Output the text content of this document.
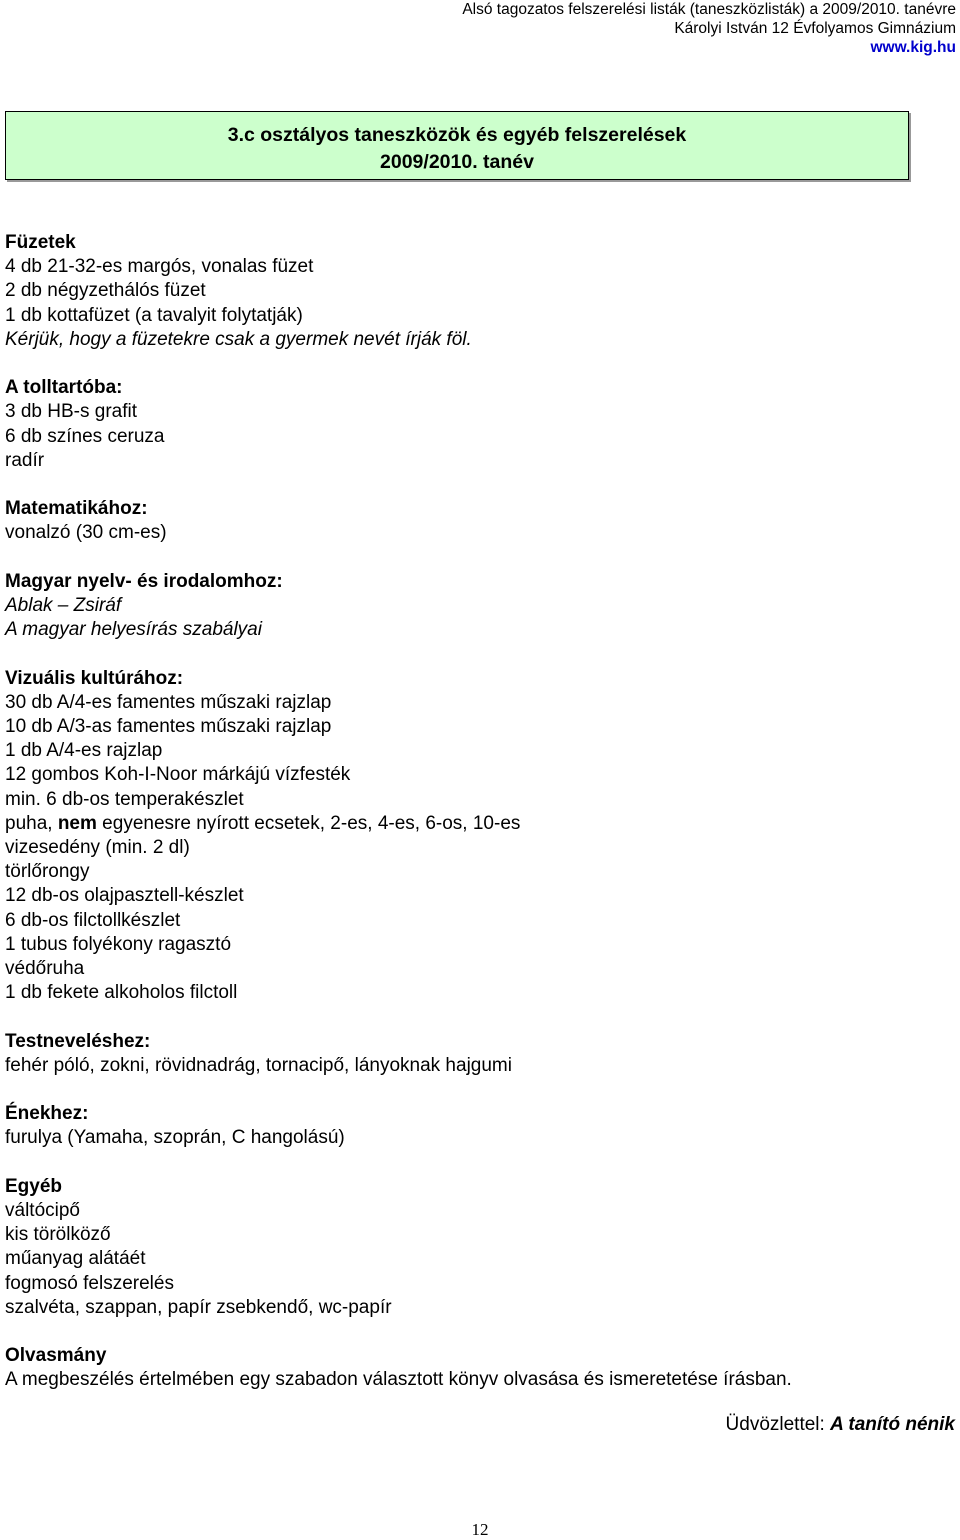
Alsó tagozatos felszerelési listák (taneszközlisták) a 2009/2010. tanévre
Károlyi István 12 Évfolyamos Gimnázium
www.kig.hu
3.c osztályos taneszközök és egyéb felszerelések
2009/2010. tanév
Füzetek
4 db 21-32-es margós, vonalas füzet
2 db négyzethálós füzet
1 db kottafüzet (a tavalyit folytatják)
Kérjük, hogy a füzetekre csak a gyermek nevét írják föl.
A tolltartóba:
3 db HB-s grafit
6 db színes ceruza
radír
Matematikához:
vonalzó (30 cm-es)
Magyar nyelv- és irodalomhoz:
Ablak – Zsiráf
A magyar helyesírás szabályai
Vizuális kultúrához:
30 db A/4-es famentes műszaki rajzlap
10 db A/3-as famentes műszaki rajzlap
1 db A/4-es rajzlap
12 gombos Koh-I-Noor márkájú vízfesték
min. 6 db-os temperakészlet
puha, nem egyenesre nyírott ecsetek, 2-es, 4-es, 6-os, 10-es
vizesedény (min. 2 dl)
törlőrongy
12 db-os olajpasztell-készlet
6 db-os filctollkészlet
1 tubus folyékony ragasztó
védőruha
1 db fekete alkoholos filctoll
Testneveléshez:
fehér póló, zokni, rövidnadrág, tornacipő, lányoknak hajgumi
Énekhez:
furulya (Yamaha, szoprán, C hangolású)
Egyéb
váltócipő
kis törölköző
műanyag alátáét
fogmosó felszerelés
szalvéta, szappan, papír zsebkendő, wc-papír
Olvasmány
A megbeszélés értelmében egy szabadon választott könyv olvasása és ismeretetése írásban.
Üdvözlettel: A tanító nénik
12
